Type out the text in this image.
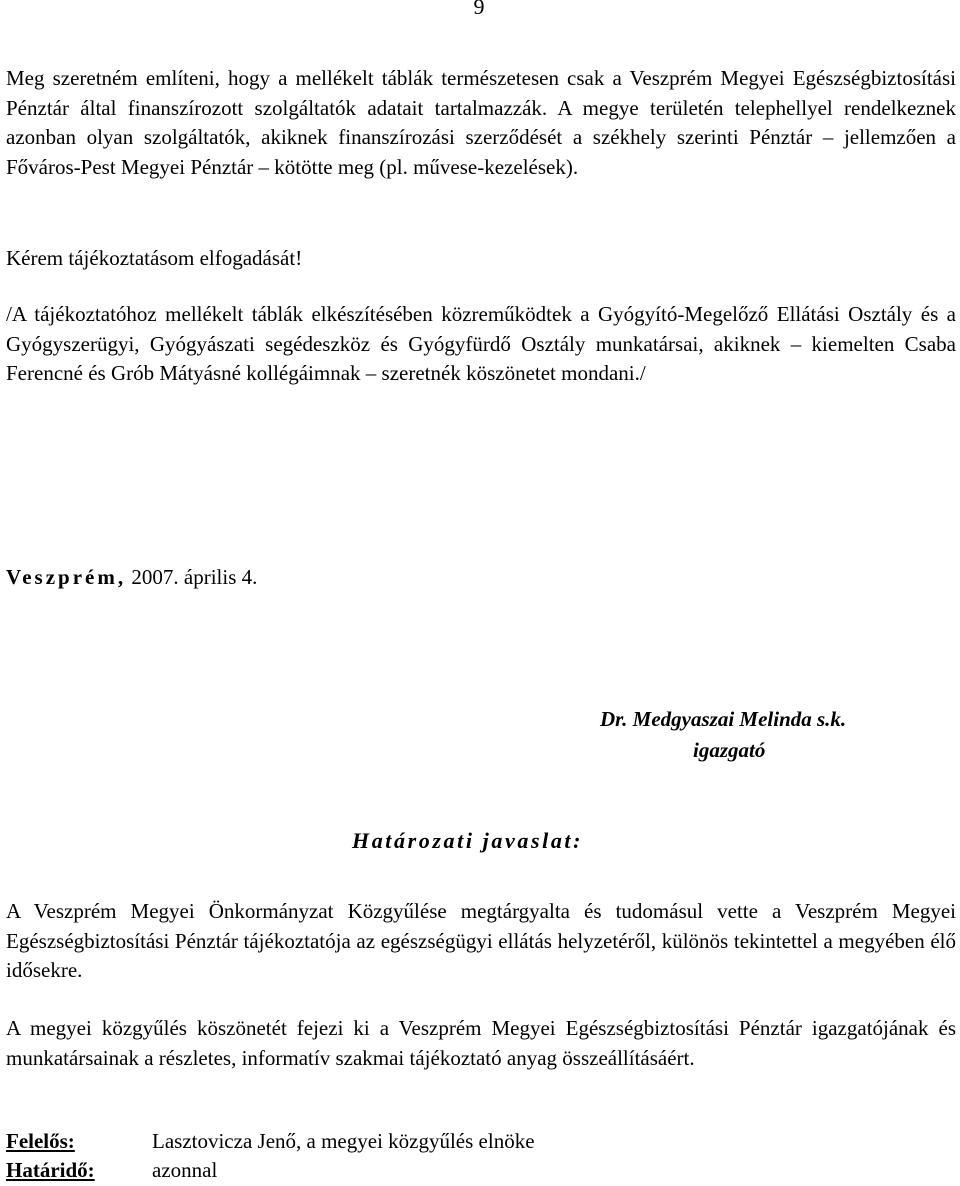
9
Meg szeretném említeni, hogy a mellékelt táblák természetesen csak a Veszprém Megyei Egészségbiztosítási Pénztár által finanszírozott szolgáltatók adatait tartalmazzák. A megye területén telephellyel rendelkeznek azonban olyan szolgáltatók, akiknek finanszírozási szerződését a székhely szerinti Pénztár – jellemzően a Főváros-Pest Megyei Pénztár – kötötte meg (pl. művese-kezelések).
Kérem tájékoztatásom elfogadását!
/A tájékoztatóhoz mellékelt táblák elkészítésében közreműködtek a Gyógyító-Megelőző Ellátási Osztály és a Gyógyszerügyi, Gyógyászati segédeszköz és Gyógyfürdő Osztály munkatársai, akiknek – kiemelten Csaba Ferencné és Grób Mátyásné kollégáimnak – szeretnék köszönetet mondani./
Veszprém, 2007. április 4.
Dr. Medgyaszai Melinda s.k.
igazgató
Határozati javaslat:
A Veszprém Megyei Önkormányzat Közgyűlése megtárgyalta és tudomásul vette a Veszprém Megyei Egészségbiztosítási Pénztár tájékoztatója az egészségügyi ellátás helyzetéről, különös tekintettel a megyében élő idősekre.
A megyei közgyűlés köszönetét fejezi ki a Veszprém Megyei Egészségbiztosítási Pénztár igazgatójának és munkatársainak a részletes, informatív szakmai tájékoztató anyag összeállításáért.
Felelős:	Lasztovicza Jenő, a megyei közgyűlés elnöke
Határidő:	azonnal
